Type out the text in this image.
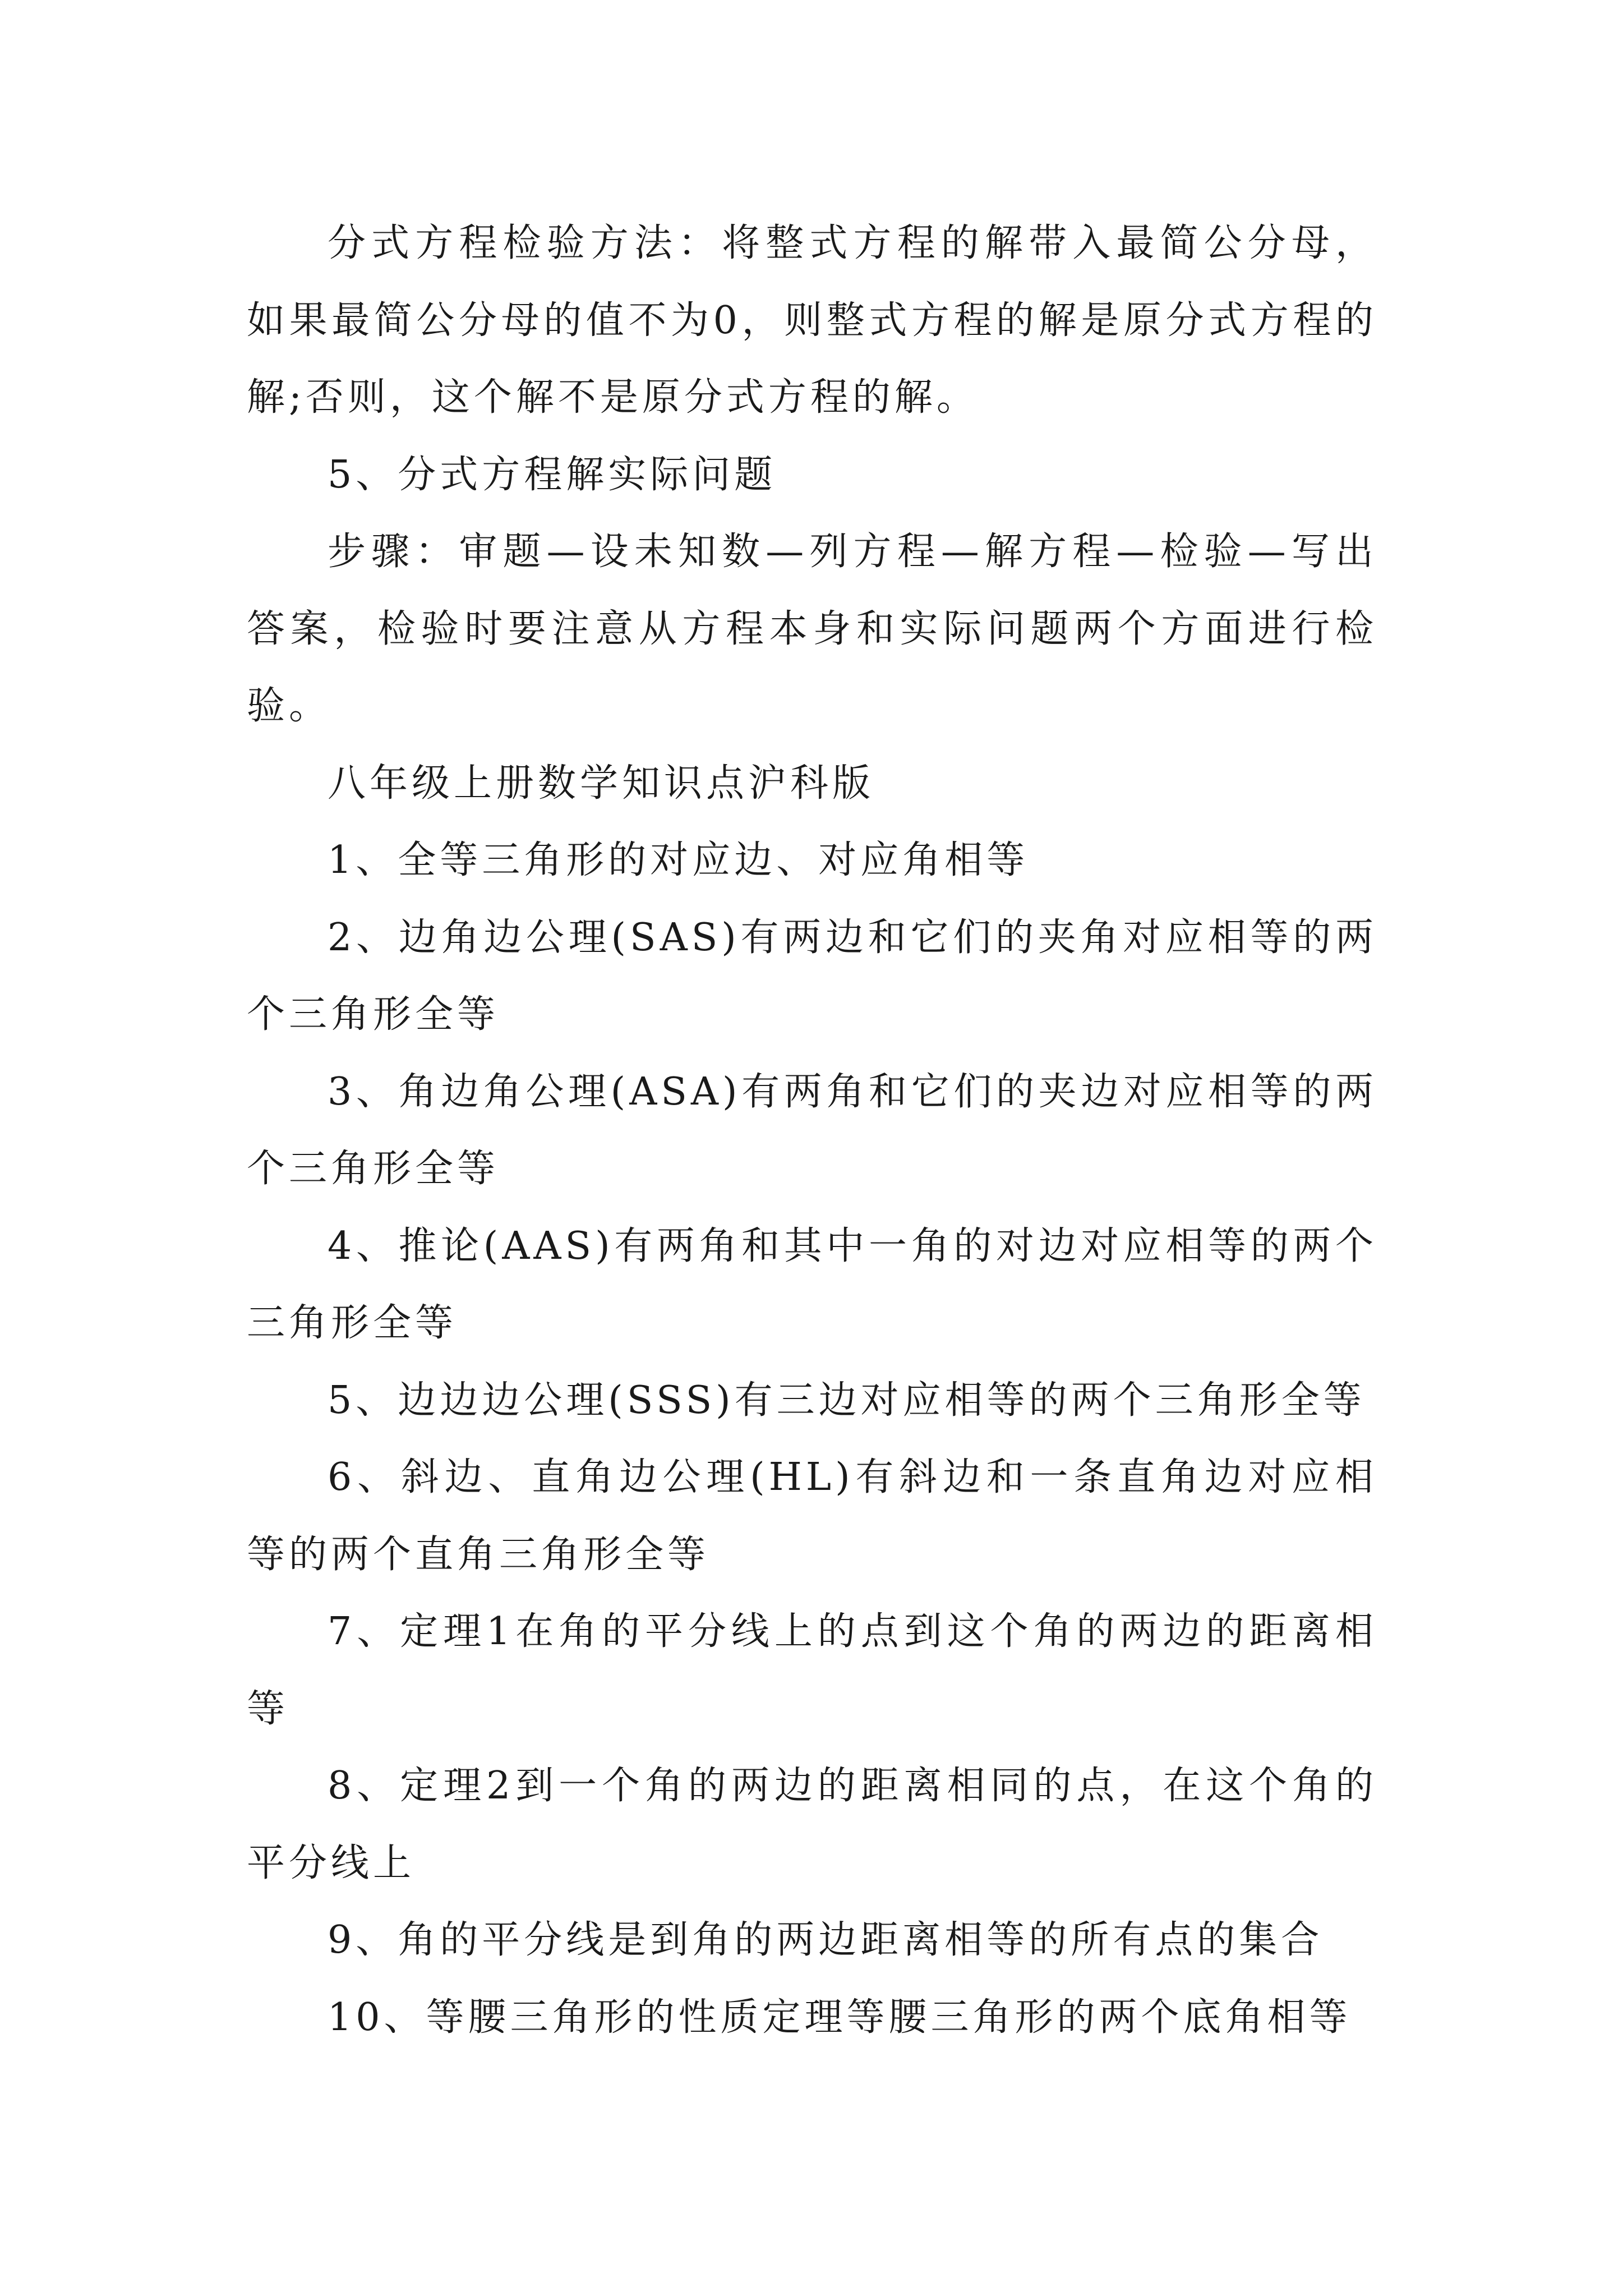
分式方程检验方法：将整式方程的解带入最简公分母，如果最简公分母的值不为0，则整式方程的解是原分式方程的解;否则，这个解不是原分式方程的解。

5、分式方程解实际问题

步骤：审题—设未知数—列方程—解方程—检验—写出答案，检验时要注意从方程本身和实际问题两个方面进行检验。

八年级上册数学知识点沪科版

1、全等三角形的对应边、对应角相等

2、边角边公理(SAS)有两边和它们的夹角对应相等的两个三角形全等

3、角边角公理(ASA)有两角和它们的夹边对应相等的两个三角形全等

4、推论(AAS)有两角和其中一角的对边对应相等的两个三角形全等

5、边边边公理(SSS)有三边对应相等的两个三角形全等

6、斜边、直角边公理(HL)有斜边和一条直角边对应相等的两个直角三角形全等

7、定理1在角的平分线上的点到这个角的两边的距离相等

8、定理2到一个角的两边的距离相同的点，在这个角的平分线上

9、角的平分线是到角的两边距离相等的所有点的集合

10、等腰三角形的性质定理等腰三角形的两个底角相等
